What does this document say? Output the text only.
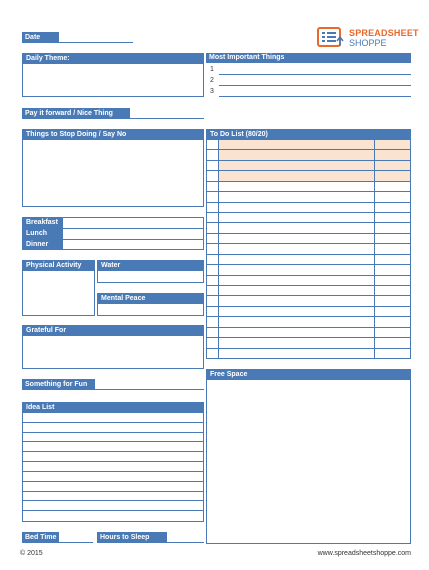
Date	SPREADSHEET
SHOPPE
Daily Theme:	Most Important Things
1
2
3
Pay it forward / Nice Thing
Things to Stop Doing / Say No	To Do List (80/20)
Breakfast
Lunch
Dinner
Physical Activity	Water
Mental Peace
Grateful For
Free Space
Something for Fun
Idea List
Bed Time	Hours to Sleep
© 2015	www.spreadsheetshoppe.com
